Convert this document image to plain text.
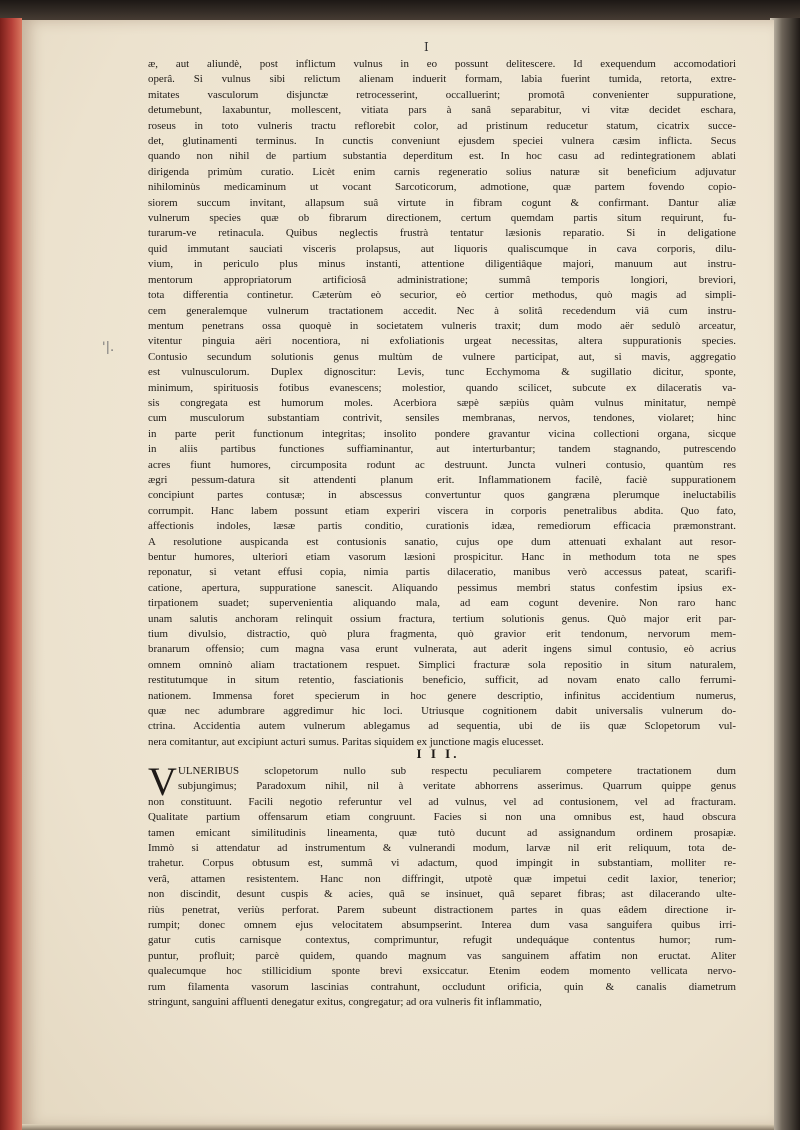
I
'|.
æ, aut aliundè, post inflictum vulnus in eo possunt delitescere. Id exequendum accomodatiori
operâ. Si vulnus sibi relictum alienam induerit formam, labia fuerint tumida, retorta, extre-
mitates vasculorum disjunctæ retrocesserint, occalluerint; promotâ convenienter suppuratione,
detumebunt, laxabuntur, mollescent, vitiata pars à sanâ separabitur, vi vitæ decidet eschara,
roseus in toto vulneris tractu reflorebit color, ad pristinum reducetur statum, cicatrix succe-
det, glutinamenti terminus. In cunctis conveniunt ejusdem speciei vulnera cæsim inflicta. Secus
quando non nihil de partium substantia deperditum est. In hoc casu ad redintegrationem ablati
dirigenda primùm curatio. Licèt enim carnis regeneratio solius naturæ sit beneficium adjuvatur
nihilominùs medicaminum ut vocant Sarcoticorum, admotione, quæ partem fovendo copio-
siorem succum invitant, allapsum suâ virtute in fibram cogunt & confirmant. Dantur aliæ
vulnerum species quæ ob fibrarum directionem, certum quemdam partis situm requirunt, fu-
turarum-ve retinacula. Quibus neglectis frustrà tentatur læsionis reparatio. Si in deligatione
quid immutant sauciati visceris prolapsus, aut liquoris qualiscumque in cava corporis, dilu-
vium, in periculo plus minus instanti, attentione diligentiâque majori, manuum aut instru-
mentorum appropriatorum artificiosâ administratione; summâ temporis longiori, breviori,
tota differentia continetur. Cæterùm eò securior, eò certior methodus, quò magis ad simpli-
cem generalemque vulnerum tractationem accedit. Nec à solitâ recedendum viâ cum instru-
mentum penetrans ossa quoquè in societatem vulneris traxit; dum modo aër sedulò arceatur,
vitentur pinguia aëri nocentiora, ni exfoliationis urgeat necessitas, altera suppurationis species.
Contusio secundum solutionis genus multùm de vulnere participat, aut, si mavis, aggregatio
est vulnusculorum. Duplex dignoscitur: Levis, tunc Ecchymoma & sugillatio dicitur, sponte,
minimum, spirituosis fotibus evanescens; molestior, quando scilicet, subcute ex dilaceratis va-
sis congregata est humorum moles. Acerbiora sæpè sæpiùs quàm vulnus minitatur, nempè
cum musculorum substantiam contrivit, sensiles membranas, nervos, tendones, violaret; hinc
in parte perit functionum integritas; insolito pondere gravantur vicina collectioni organa, sicque
in aliis partibus functiones suffiaminantur, aut interturbantur; tandem stagnando, putrescendo
acres fiunt humores, circumposita rodunt ac destruunt. Juncta vulneri contusio, quantùm res
ægri pessum-datura sit attendenti planum erit. Inflammationem facilè, faciè suppurationem
concipiunt partes contusæ; in abscessus convertuntur quos gangræna plerumque ineluctabilis
corrumpit. Hanc labem possunt etiam experiri viscera in corporis penetralibus abdita. Quo fato,
affectionis indoles, læsæ partis conditio, curationis idæa, remediorum efficacia præmonstrant.
A resolutione auspicanda est contusionis sanatio, cujus ope dum attenuati exhalant aut resor-
bentur humores, ulteriori etiam vasorum læsioni prospicitur. Hanc in methodum tota ne spes
reponatur, si vetant effusi copia, nimia partis dilaceratio, manibus verò accessus pateat, scarifi-
catione, apertura, suppuratione sanescit. Aliquando pessimus membri status confestim ipsius ex-
tirpationem suadet; supervenientia aliquando mala, ad eam cogunt devenire. Non raro hanc
unam salutis anchoram relinquit ossium fractura, tertium solutionis genus. Quò major erit par-
tium divulsio, distractio, quò plura fragmenta, quò gravior erit tendonum, nervorum mem-
branarum offensio; cum magna vasa erunt vulnerata, aut aderit ingens simul contusio, eò acrius
omnem omninò aliam tractationem respuet. Simplici fracturæ sola repositio in situm naturalem,
restitutumque in situm retentio, fasciationis beneficio, sufficit, ad novam enato callo ferrumi-
nationem. Immensa foret specierum in hoc genere descriptio, infinitus accidentium numerus,
quæ nec adumbrare aggredimur hic loci. Utriusque cognitionem dabit universalis vulnerum do-
ctrina. Accidentia autem vulnerum ablegamus ad sequentia, ubi de iis quæ Sclopetorum vul-
nera comitantur, aut excipiunt acturi sumus. Paritas siquidem ex junctione magis elucesset.
I I I.
V ULNERIBUS sclopetorum nullo sub respectu peculiarem competere tractationem dum
subjungimus; Paradoxum nihil, nil à veritate abhorrens asserimus. Quarrum quippe genus
non constituunt. Facili negotio referuntur vel ad vulnus, vel ad contusionem, vel ad fracturam.
Qualitate partium offensarum etiam congruunt. Facies si non una omnibus est, haud obscura
tamen emicant similitudinis lineamenta, quæ tutò ducunt ad assignandum ordinem prosapiæ.
Immò si attendatur ad instrumentum & vulnerandi modum, larvæ nil erit reliquum, tota de-
trahetur. Corpus obtusum est, summâ vi adactum, quod impingit in substantiam, molliter re-
verâ, attamen resistentem. Hanc non diffringit, utpotè quæ impetui cedit laxior, tenerior;
non discindit, desunt cuspis & acies, quâ se insinuet, quâ separet fibras; ast dilacerando ulte-
riùs penetrat, veriùs perforat. Parem subeunt distractionem partes in quas eâdem directione ir-
rumpit; donec omnem ejus velocitatem absumpserint. Interea dum vasa sanguifera quibus irri-
gatur cutis carnisque contextus, comprimuntur, refugit undequáque contentus humor; rum-
puntur, profluit; parcè quidem, quando magnum vas sanguinem affatim non eructat. Aliter
qualecumque hoc stillicidium sponte brevi exsiccatur. Etenim eodem momento vellicata nervo-
rum filamenta vasorum lascinias contrahunt, occludunt orificia, quin & canalis diametrum
stringunt, sanguini affluenti denegatur exitus, congregatur; ad ora vulneris fit inflammatio,
